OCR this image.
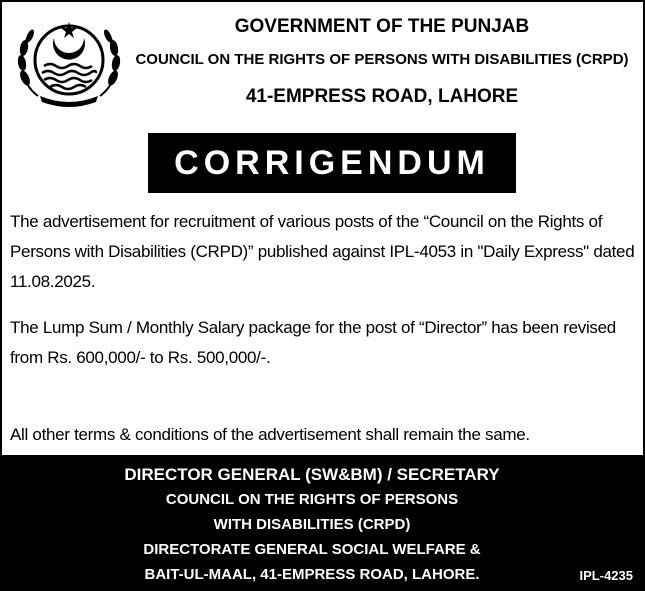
GOVERNMENT OF THE PUNJAB
COUNCIL ON THE RIGHTS OF PERSONS WITH DISABILITIES (CRPD)
41-EMPRESS ROAD, LAHORE
CORRIGENDUM
The advertisement for recruitment of various posts of the “Council on the Rights of Persons with Disabilities (CRPD)” published against IPL-4053 in "Daily Express" dated 11.08.2025.
The Lump Sum / Monthly Salary package for the post of “Director” has been revised from Rs. 600,000/- to Rs. 500,000/-.
All other terms & conditions of the advertisement shall remain the same.
DIRECTOR GENERAL (SW&BM) / SECRETARY
COUNCIL ON THE RIGHTS OF PERSONS
WITH DISABILITIES (CRPD)
DIRECTORATE GENERAL SOCIAL WELFARE &
BAIT-UL-MAAL, 41-EMPRESS ROAD, LAHORE.	IPL-4235
